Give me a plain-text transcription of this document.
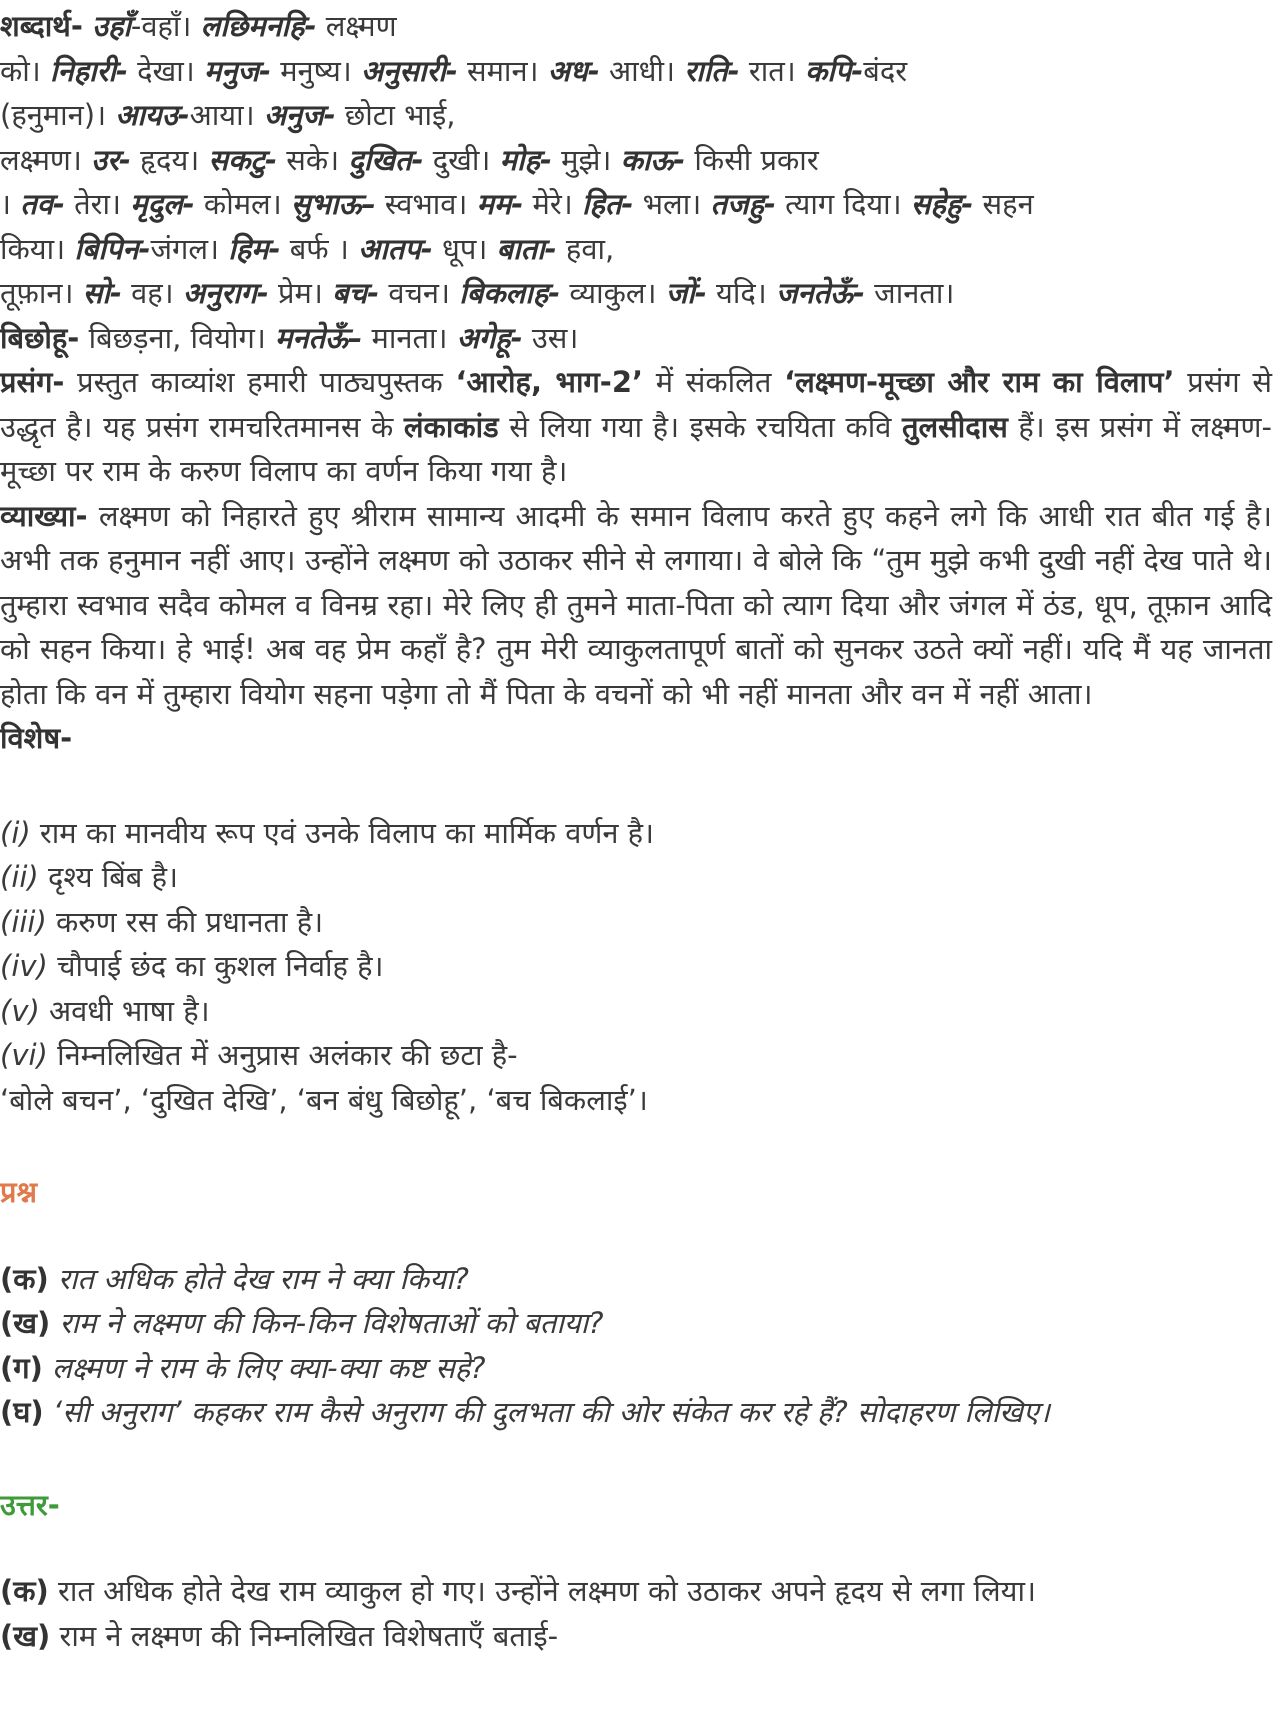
शब्दार्थ- उहाँ-वहाँ। लछिमनहि- लक्ष्मण
को। निहारी- देखा। मनुज- मनुष्य। अनुसारी- समान। अध- आधी। राति- रात। कपि-बंदर
(हनुमान)। आयउ-आया। अनुज- छोटा भाई,
लक्ष्मण। उर- हृदय। सकटु- सके। दुखित- दुखी। मोह- मुझे। काऊ- किसी प्रकार
। तव- तेरा। मृदुल- कोमल। सुभाऊ– स्वभाव। मम- मेरे। हित- भला। तजहु- त्याग दिया। सहेहु- सहन
किया। बिपिन-जंगल। हिम- बर्फ । आतप- धूप। बाता- हवा,
तूफ़ान। सो- वह। अनुराग- प्रेम। बच- वचन। बिकलाह- व्याकुल। जों- यदि। जनतेऊँ- जानता।
बिछोहू- बिछड़ना, वियोग। मनतेऊँ– मानता। अगेहू- उस।
प्रसंग- प्रस्तुत काव्यांश हमारी पाठ्यपुस्तक ‘आरोह, भाग-2’ में संकलित ‘लक्ष्मण-मूच्छा और राम का विलाप’ प्रसंग से उद्धृत है। यह प्रसंग रामचरितमानस के लंकाकांड से लिया गया है। इसके रचयिता कवि तुलसीदास हैं। इस प्रसंग में लक्ष्मण-मूच्छा पर राम के करुण विलाप का वर्णन किया गया है।
व्याख्या- लक्ष्मण को निहारते हुए श्रीराम सामान्य आदमी के समान विलाप करते हुए कहने लगे कि आधी रात बीत गई है। अभी तक हनुमान नहीं आए। उन्होंने लक्ष्मण को उठाकर सीने से लगाया। वे बोले कि “तुम मुझे कभी दुखी नहीं देख पाते थे। तुम्हारा स्वभाव सदैव कोमल व विनम्र रहा। मेरे लिए ही तुमने माता-पिता को त्याग दिया और जंगल में ठंड, धूप, तूफ़ान आदि को सहन किया। हे भाई! अब वह प्रेम कहाँ है? तुम मेरी व्याकुलतापूर्ण बातों को सुनकर उठते क्यों नहीं। यदि मैं यह जानता होता कि वन में तुम्हारा वियोग सहना पड़ेगा तो मैं पिता के वचनों को भी नहीं मानता और वन में नहीं आता।
विशेष-
(i) राम का मानवीय रूप एवं उनके विलाप का मार्मिक वर्णन है।
(ii) दृश्य बिंब है।
(iii) करुण रस की प्रधानता है।
(iv) चौपाई छंद का कुशल निर्वाह है।
(v) अवधी भाषा है।
(vi) निम्नलिखित में अनुप्रास अलंकार की छटा है-
‘बोले बचन’, ‘दुखित देखि’, ‘बन बंधु बिछोहू’, ‘बच बिकलाई’।
प्रश्न
(क) रात अधिक होते देख राम ने क्या किया?
(ख) राम ने लक्ष्मण की किन-किन विशेषताओं को बताया?
(ग) लक्ष्मण ने राम के लिए क्या-क्या कष्ट सहे?
(घ) ‘सी अनुराग’ कहकर राम कैसे अनुराग की दुलभता की ओर संकेत कर रहे हैं? सोदाहरण लिखिए।
उत्तर-
(क) रात अधिक होते देख राम व्याकुल हो गए। उन्होंने लक्ष्मण को उठाकर अपने हृदय से लगा लिया।
(ख) राम ने लक्ष्मण की निम्नलिखित विशेषताएँ बताई-
